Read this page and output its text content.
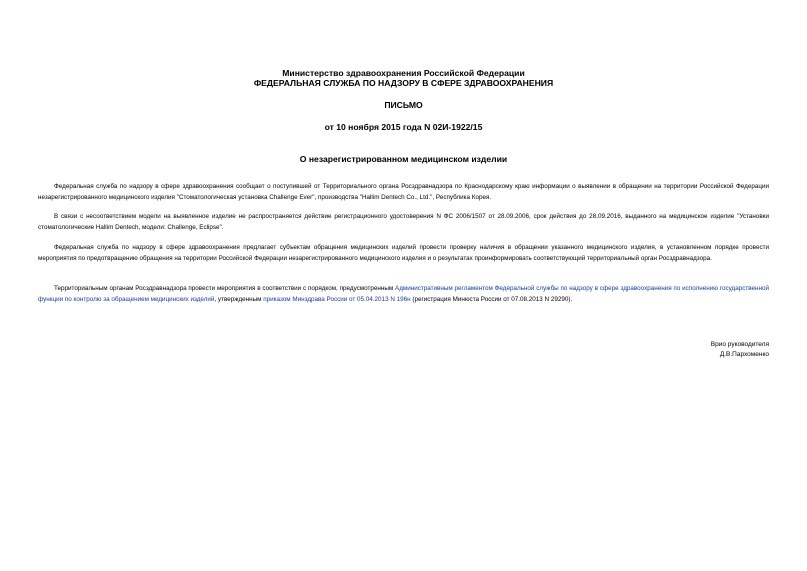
Министерство здравоохранения Российской Федерации
ФЕДЕРАЛЬНАЯ СЛУЖБА ПО НАДЗОРУ В СФЕРЕ ЗДРАВООХРАНЕНИЯ
ПИСЬМО
от 10 ноября 2015 года N 02И-1922/15
О незарегистрированном медицинском изделии
Федеральная служба по надзору в сфере здравоохранения сообщает о поступившей от Территориального органа Росздравнадзора по Краснодарскому краю информации о выявлении в обращении на территории Российской Федерации незарегистрированного медицинского изделия "Стоматологическая установка Challenge Ever", производства "Hallim Dentech Co., Ltd.", Республика Корея.
В связи с несоответствием модели на выявленное изделие не распространяется действие регистрационного удостоверения N ФС 2006/1507 от 28.09.2006, срок действия до 28.09.2016, выданного на медицинское изделие "Установки стоматологические Hallim Dentech, модели: Challenge, Eclipse".
Федеральная служба по надзору в сфере здравоохранения предлагает субъектам обращения медицинских изделий провести проверку наличия в обращении указанного медицинского изделия, в установленном порядке провести мероприятия по предотвращению обращения на территории Российской Федерации незарегистрированного медицинского изделия и о результатах проинформировать соответствующий территориальный орган Росздравнадзора.
Территориальным органам Росздравнадзора провести мероприятия в соответствии с порядком, предусмотренным Административным регламентом Федеральной службы по надзору в сфере здравоохранения по исполнению государственной функции по контролю за обращением медицинских изделий, утвержденным приказом Минздрава России от 05.04.2013 N 196н (регистрация Минюста России от 07.08.2013 N 29290).
Врио руководителя
Д.В.Пархоменко
